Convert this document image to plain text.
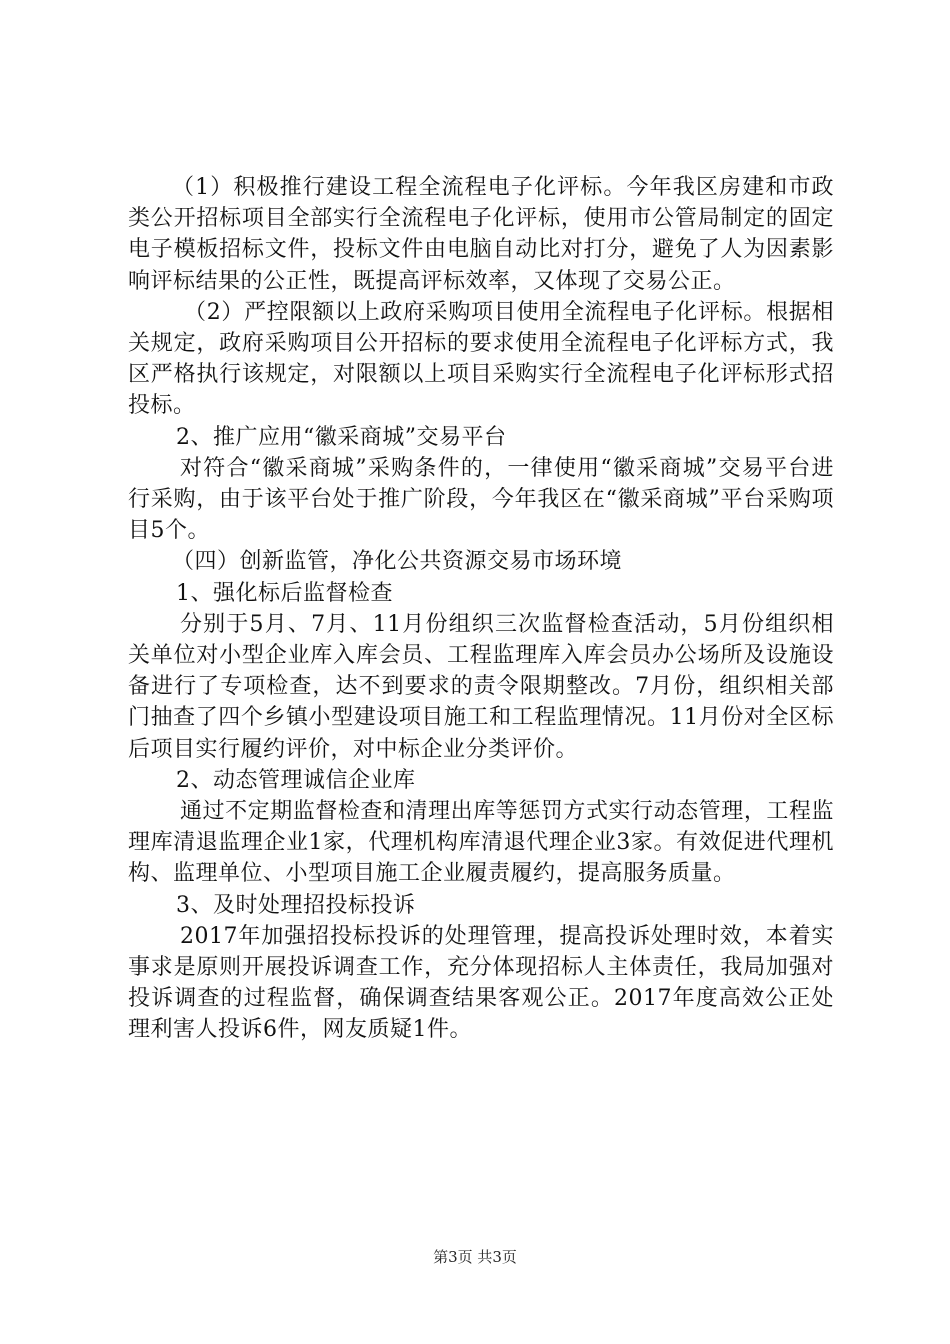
（1）积极推行建设工程全流程电子化评标。今年我区房建和市政类公开招标项目全部实行全流程电子化评标，使用市公管局制定的固定电子模板招标文件，投标文件由电脑自动比对打分，避免了人为因素影响评标结果的公正性，既提高评标效率，又体现了交易公正。

（2）严控限额以上政府采购项目使用全流程电子化评标。根据相关规定，政府采购项目公开招标的要求使用全流程电子化评标方式，我区严格执行该规定，对限额以上项目采购实行全流程电子化评标形式招投标。

2、推广应用“徽采商城”交易平台

对符合“徽采商城”采购条件的，一律使用“徽采商城”交易平台进行采购，由于该平台处于推广阶段，今年我区在“徽采商城”平台采购项目5个。

（四）创新监管，净化公共资源交易市场环境

1、强化标后监督检查

分别于5月、7月、11月份组织三次监督检查活动，5月份组织相关单位对小型企业库入库会员、工程监理库入库会员办公场所及设施设备进行了专项检查，达不到要求的责令限期整改。7月份，组织相关部门抽查了四个乡镇小型建设项目施工和工程监理情况。11月份对全区标后项目实行履约评价，对中标企业分类评价。

2、动态管理诚信企业库

通过不定期监督检查和清理出库等惩罚方式实行动态管理，工程监理库清退监理企业1家，代理机构库清退代理企业3家。有效促进代理机构、监理单位、小型项目施工企业履责履约，提高服务质量。

3、及时处理招投标投诉

2017年加强招投标投诉的处理管理，提高投诉处理时效，本着实事求是原则开展投诉调查工作，充分体现招标人主体责任，我局加强对投诉调查的过程监督，确保调查结果客观公正。2017年度高效公正处理利害人投诉6件，网友质疑1件。

第3页 共3页
